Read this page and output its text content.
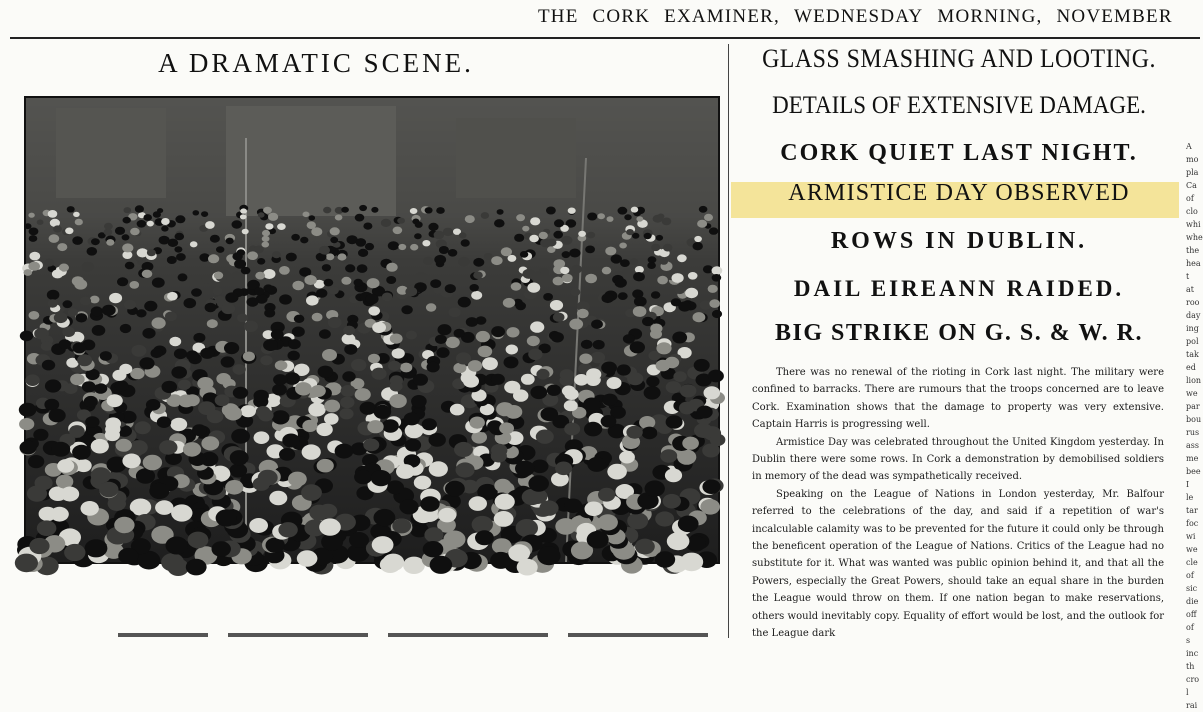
THE CORK EXAMINER, WEDNESDAY MORNING, NOVEMBER
A DRAMATIC SCENE.	GLASS SMASHING AND LOOTING.
DETAILS OF EXTENSIVE DAMAGE.
CORK QUIET LAST NIGHT.
ARMISTICE DAY OBSERVED
ROWS IN DUBLIN.
DAIL EIREANN RAIDED.
BIG STRIKE ON G. S. & W. R.

There was no renewal of the rioting in Cork last night. The military were confined to barracks. There are rumours that the troops concerned are to leave Cork. Examination shows that the damage to property was very extensive. Captain Harris is progressing well.

Armistice Day was celebrated throughout the United Kingdom yesterday. In Dublin there were some rows. In Cork a demonstration by demobilised soldiers in memory of the dead was sympathetically received.

Speaking on the League of Nations in London yesterday, Mr. Balfour referred to the celebrations of the day, and said if a repetition of war's incalculable calamity was to be prevented for the future it could only be through the beneficent operation of the League of Nations. Critics of the League had no substitute for it. What was wanted was public opinion behind it, and that all the Powers, especially the Great Powers, should take an equal share in the burden the League would throw on them. If one nation began to make reservations, others would inevitably copy. Equality of effort would be lost, and the outlook for the League dark

A
mo
pla
Ca
of
clo
whi
whe
the
hea
t
at
roo
day
ing
pol
tak
ed
lion
we
par
bou
rus
ass
me
bee
I
le
tar
foc
wi
we
cle
of
sic
die
off
of
s
inc
th
cro
l
rai
